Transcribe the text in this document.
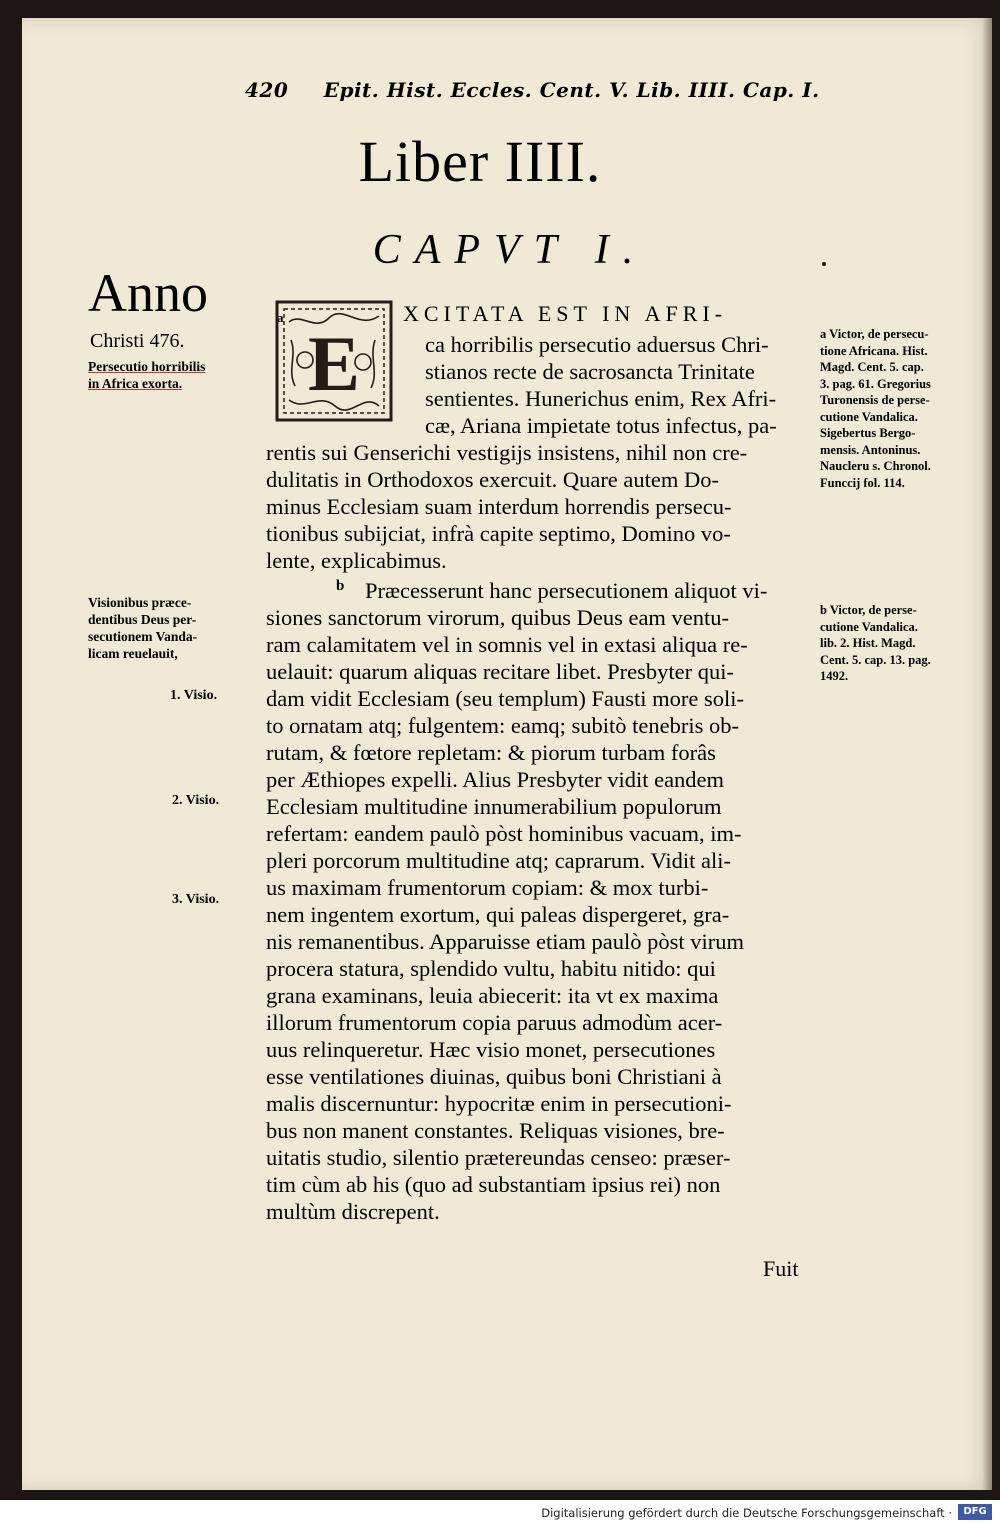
420 Epit. Hist. Eccles. Cent. V. Lib. IIII. Cap. I.
Liber IIII.
CAPVT I.
Anno
Christi 476.
Persecutio horribilis
in Africa exorta.
Visionibus præce-
dentibus Deus per-
secutionem Vanda-
licam reuelauit,
1. Visio.
2. Visio.
3. Visio.
a
E
XCITATA EST IN AFRI-
ca horribilis persecutio aduersus Chri-
stianos recte de sacrosancta Trinitate
sentientes. Hunerichus enim, Rex Afri-
cæ, Ariana impietate totus infectus, pa-
rentis sui Genserichi vestigijs insistens, nihil non cre-
dulitatis in Orthodoxos exercuit. Quare autem Do-
minus Ecclesiam suam interdum horrendis persecu-
tionibus subijciat, infrà capite septimo, Domino vo-
lente, explicabimus.
b Præcesserunt hanc persecutionem aliquot vi-
siones sanctorum virorum, quibus Deus eam ventu-
ram calamitatem vel in somnis vel in extasi aliqua re-
uelauit: quarum aliquas recitare libet. Presbyter qui-
dam vidit Ecclesiam (seu templum) Fausti more soli-
to ornatam atq; fulgentem: eamq; subitò tenebris ob-
rutam, & fœtore repletam: & piorum turbam forâs
per Æthiopes expelli. Alius Presbyter vidit eandem
Ecclesiam multitudine innumerabilium populorum
refertam: eandem paulò pòst hominibus vacuam, im-
pleri porcorum multitudine atq; caprarum. Vidit ali-
us maximam frumentorum copiam: & mox turbi-
nem ingentem exortum, qui paleas dispergeret, gra-
nis remanentibus. Apparuisse etiam paulò pòst virum
procera statura, splendido vultu, habitu nitido: qui
grana examinans, leuia abiecerit: ita vt ex maxima
illorum frumentorum copia paruus admodùm acer-
uus relinqueretur. Hæc visio monet, persecutiones
esse ventilationes diuinas, quibus boni Christiani à
malis discernuntur: hypocritæ enim in persecutioni-
bus non manent constantes. Reliquas visiones, bre-
uitatis studio, silentio prætereundas censeo: præser-
tim cùm ab his (quo ad substantiam ipsius rei) non
multùm discrepent.
Fuit
a Victor, de persecu-
tione Africana. Hist.
Magd. Cent. 5. cap.
3. pag. 61. Gregorius
Turonensis de perse-
cutione Vandalica.
Sigebertus Bergo-
mensis. Antoninus.
Naucleru s. Chronol.
Funccij fol. 114.
b Victor, de perse-
cutione Vandalica.
lib. 2. Hist. Magd.
Cent. 5. cap. 13. pag.
1492.
Digitalisierung gefördert durch die Deutsche Forschungsgemeinschaft ·	DFG
